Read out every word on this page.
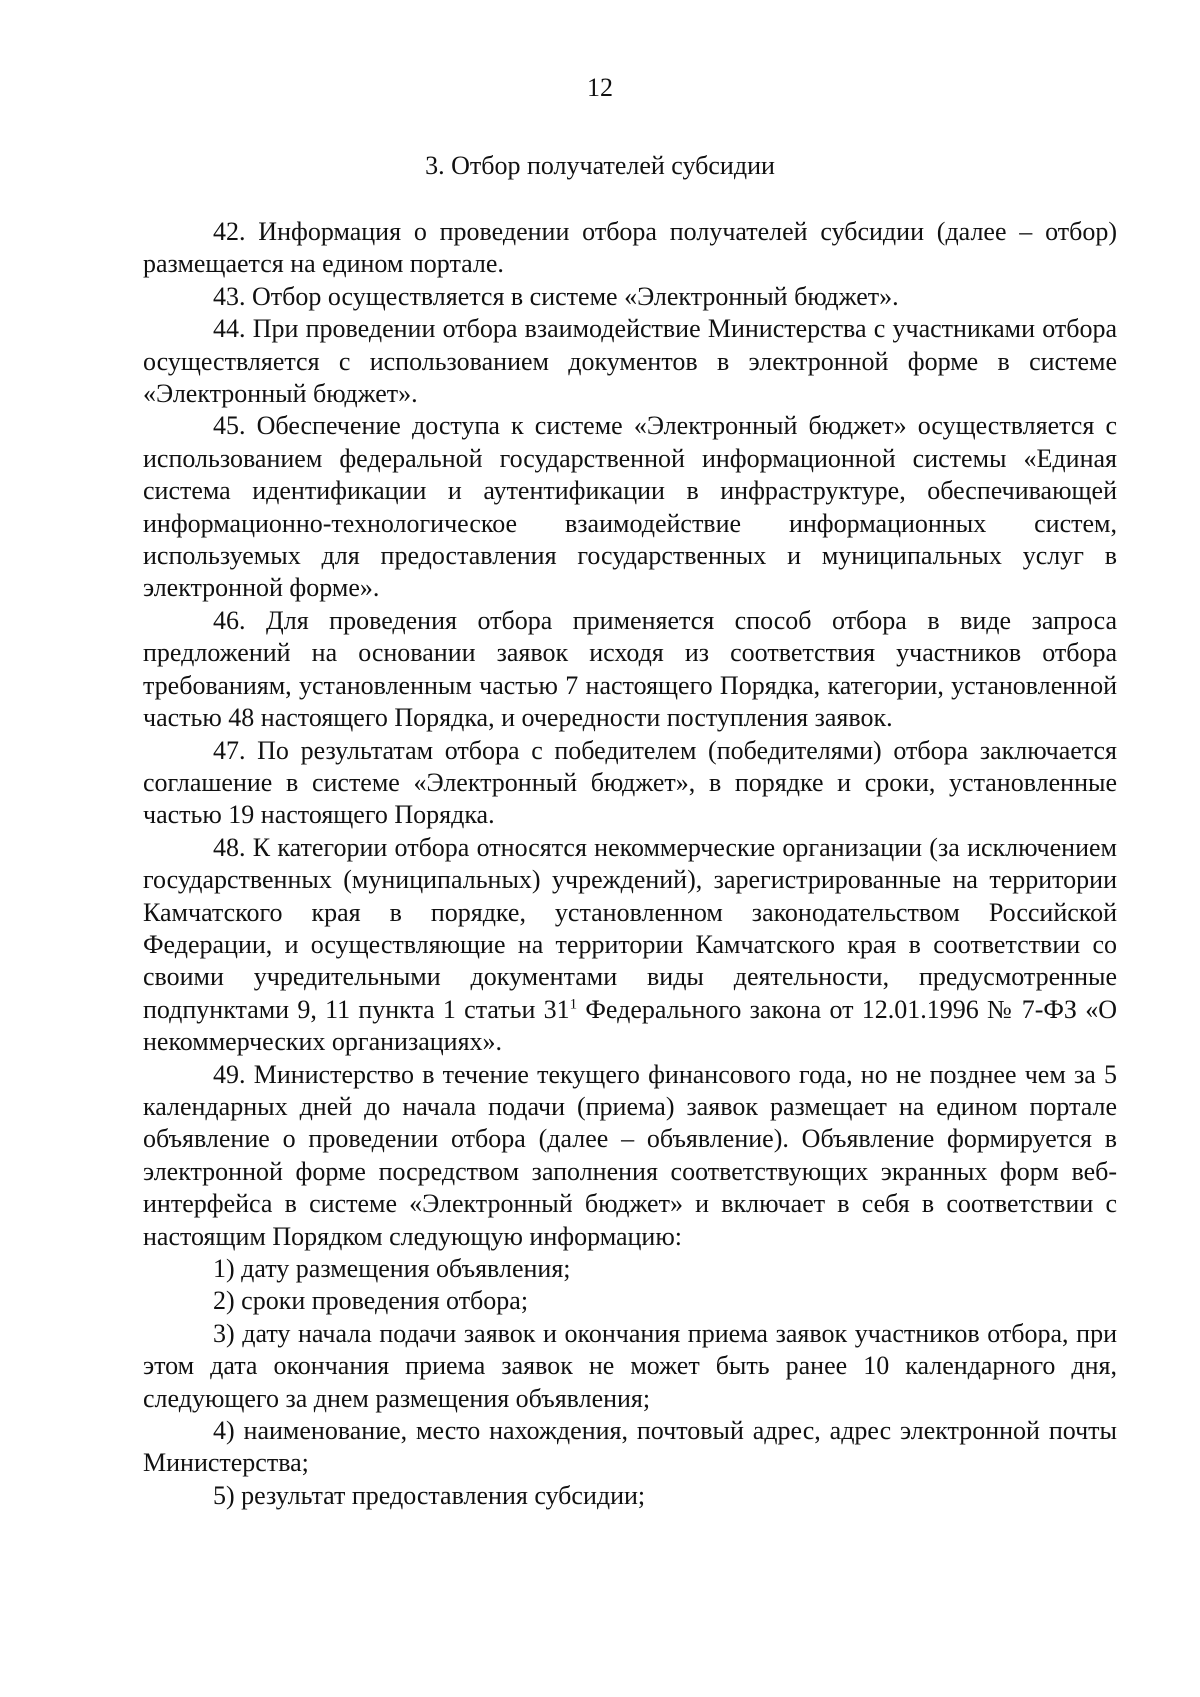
12
3. Отбор получателей субсидии

42. Информация о проведении отбора получателей субсидии (далее – отбор) размещается на едином портале.

43. Отбор осуществляется в системе «Электронный бюджет».

44. При проведении отбора взаимодействие Министерства с участниками отбора осуществляется с использованием документов в электронной форме в системе «Электронный бюджет».

45. Обеспечение доступа к системе «Электронный бюджет» осуществляется с использованием федеральной государственной информационной системы «Единая система идентификации и аутентификации в инфраструктуре, обеспечивающей информационно-технологическое взаимодействие информационных систем, используемых для предоставления государственных и муниципальных услуг в электронной форме».

46. Для проведения отбора применяется способ отбора в виде запроса предложений на основании заявок исходя из соответствия участников отбора требованиям, установленным частью 7 настоящего Порядка, категории, установленной частью 48 настоящего Порядка, и очередности поступления заявок.

47. По результатам отбора с победителем (победителями) отбора заключается соглашение в системе «Электронный бюджет», в порядке и сроки, установленные частью 19 настоящего Порядка.

48. К категории отбора относятся некоммерческие организации (за исключением государственных (муниципальных) учреждений), зарегистрированные на территории Камчатского края в порядке, установленном законодательством Российской Федерации, и осуществляющие на территории Камчатского края в соответствии со своими учредительными документами виды деятельности, предусмотренные подпунктами 9, 11 пункта 1 статьи $31^1$ Федерального закона от 12.01.1996 № 7-ФЗ «О некоммерческих организациях».

49. Министерство в течение текущего финансового года, но не позднее чем за 5 календарных дней до начала подачи (приема) заявок размещает на едином портале объявление о проведении отбора (далее – объявление). Объявление формируется в электронной форме посредством заполнения соответствующих экранных форм веб-интерфейса в системе «Электронный бюджет» и включает в себя в соответствии с настоящим Порядком следующую информацию:

1) дату размещения объявления;

2) сроки проведения отбора;

3) дату начала подачи заявок и окончания приема заявок участников отбора, при этом дата окончания приема заявок не может быть ранее 10 календарного дня, следующего за днем размещения объявления;

4) наименование, место нахождения, почтовый адрес, адрес электронной почты Министерства;

5) результат предоставления субсидии;
